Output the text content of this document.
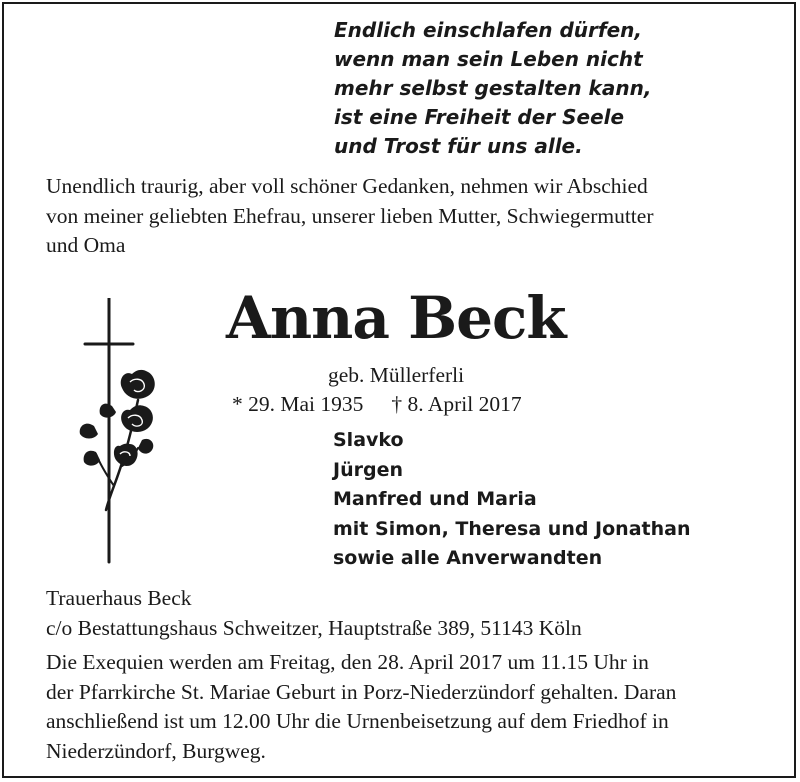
Endlich einschlafen dürfen,
wenn man sein Leben nicht
mehr selbst gestalten kann,
ist eine Freiheit der Seele
und Trost für uns alle.
Unendlich traurig, aber voll schöner Gedanken, nehmen wir Abschied
von meiner geliebten Ehefrau, unserer lieben Mutter, Schwiegermutter
und Oma
Anna Beck
geb. Müllerferli
* 29. Mai 1935 † 8. April 2017
Slavko
Jürgen
Manfred und Maria
mit Simon, Theresa und Jonathan
sowie alle Anverwandten
Trauerhaus Beck
c/o Bestattungshaus Schweitzer, Hauptstraße 389, 51143 Köln
Die Exequien werden am Freitag, den 28. April 2017 um 11.15 Uhr in
der Pfarrkirche St. Mariae Geburt in Porz-Niederzündorf gehalten. Daran
anschließend ist um 12.00 Uhr die Urnenbeisetzung auf dem Friedhof in
Niederzündorf, Burgweg.
